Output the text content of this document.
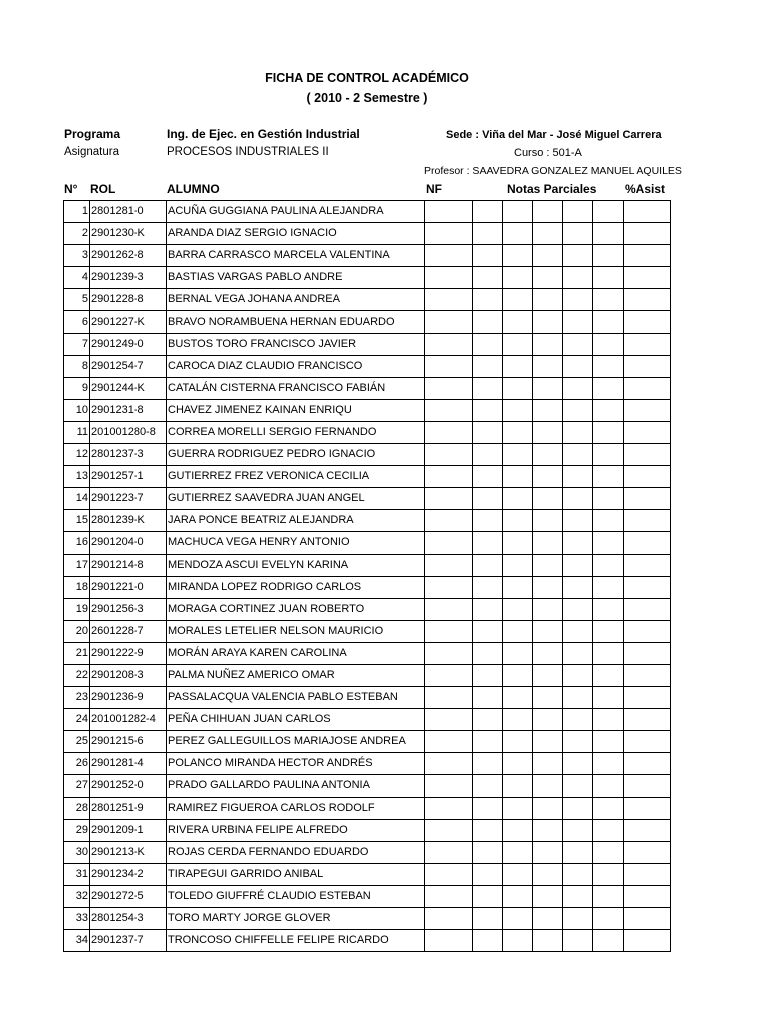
FICHA DE CONTROL ACADÉMICO
( 2010 - 2 Semestre )
Programa	Ing. de Ejec. en Gestión Industrial	Sede : Viña del Mar - José Miguel Carrera
Asignatura	PROCESOS INDUSTRIALES II	Curso : 501-A
Profesor : SAAVEDRA GONZALEZ MANUEL AQUILES
N° ROL	ALUMNO	NF	Notas Parciales %Asist
1	2801281-0	ACUÑA GUGGIANA PAULINA ALEJANDRA							
2	2901230-K	ARANDA DIAZ SERGIO IGNACIO							
3	2901262-8	BARRA CARRASCO MARCELA VALENTINA							
4	2901239-3	BASTIAS VARGAS PABLO ANDRE							
5	2901228-8	BERNAL VEGA JOHANA ANDREA							
6	2901227-K	BRAVO NORAMBUENA HERNAN EDUARDO							
7	2901249-0	BUSTOS TORO FRANCISCO JAVIER							
8	2901254-7	CAROCA DIAZ CLAUDIO FRANCISCO							
9	2901244-K	CATALÁN CISTERNA FRANCISCO FABIÁN							
10	2901231-8	CHAVEZ JIMENEZ KAINAN ENRIQU							
11	201001280-8	CORREA MORELLI SERGIO FERNANDO							
12	2801237-3	GUERRA RODRIGUEZ PEDRO IGNACIO							
13	2901257-1	GUTIERREZ FREZ VERONICA CECILIA							
14	2901223-7	GUTIERREZ SAAVEDRA JUAN ANGEL							
15	2801239-K	JARA PONCE BEATRIZ ALEJANDRA							
16	2901204-0	MACHUCA VEGA HENRY ANTONIO							
17	2901214-8	MENDOZA ASCUI EVELYN KARINA							
18	2901221-0	MIRANDA LOPEZ RODRIGO CARLOS							
19	2901256-3	MORAGA CORTINEZ JUAN ROBERTO							
20	2601228-7	MORALES LETELIER NELSON MAURICIO							
21	2901222-9	MORÁN ARAYA KAREN CAROLINA							
22	2901208-3	PALMA NUÑEZ AMERICO OMAR							
23	2901236-9	PASSALACQUA VALENCIA PABLO ESTEBAN							
24	201001282-4	PEÑA CHIHUAN JUAN CARLOS							
25	2901215-6	PEREZ GALLEGUILLOS MARIAJOSE ANDREA							
26	2901281-4	POLANCO MIRANDA HECTOR ANDRÉS							
27	2901252-0	PRADO GALLARDO PAULINA ANTONIA							
28	2801251-9	RAMIREZ FIGUEROA CARLOS RODOLF							
29	2901209-1	RIVERA URBINA FELIPE ALFREDO							
30	2901213-K	ROJAS CERDA FERNANDO EDUARDO							
31	2901234-2	TIRAPEGUI GARRIDO ANIBAL							
32	2901272-5	TOLEDO GIUFFRÉ CLAUDIO ESTEBAN							
33	2801254-3	TORO MARTY JORGE GLOVER							
34	2901237-7	TRONCOSO CHIFFELLE FELIPE RICARDO							
